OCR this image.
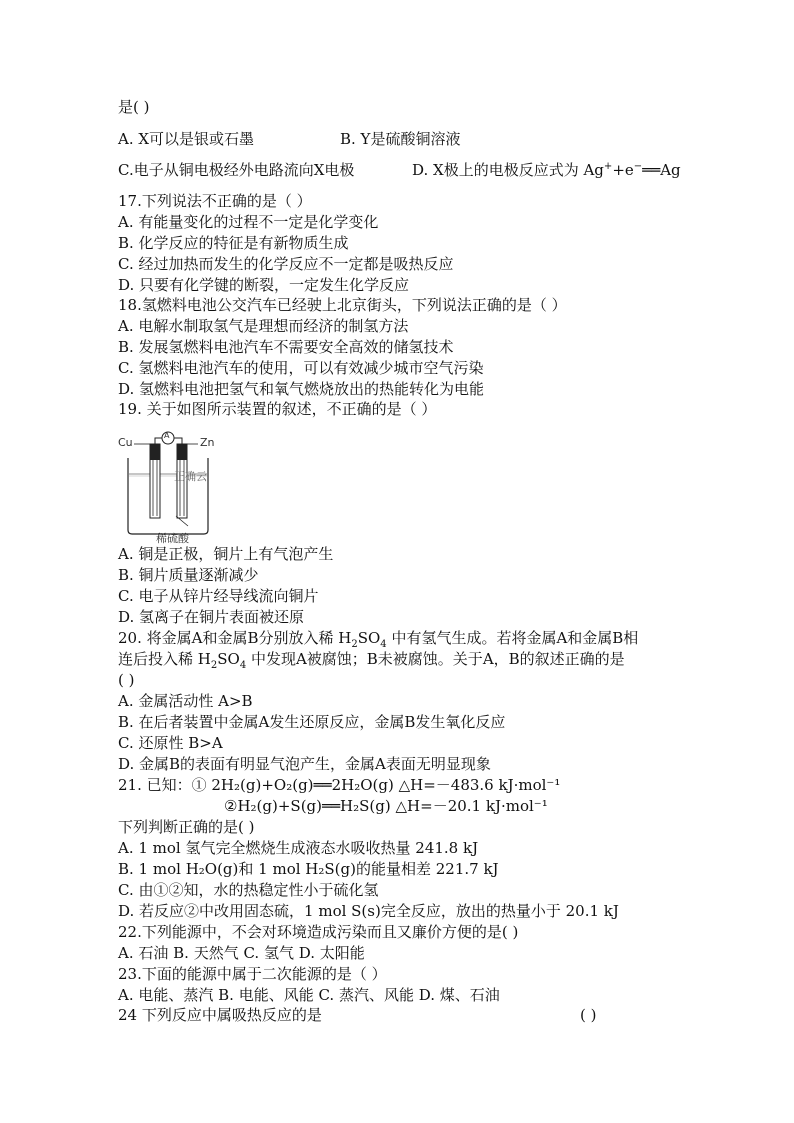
是( )
A. X可以是银或石墨	B. Y是硫酸铜溶液
C.电子从铜电极经外电路流向X电极	D. X极上的电极反应式为 Ag++e−══Ag
17.下列说法不正确的是（ ）
A. 有能量变化的过程不一定是化学变化
B. 化学反应的特征是有新物质生成
C. 经过加热而发生的化学反应不一定都是吸热反应
D. 只要有化学键的断裂，一定发生化学反应
18.氢燃料电池公交汽车已经驶上北京街头，下列说法正确的是（ ）
A. 电解水制取氢气是理想而经济的制氢方法
B. 发展氢燃料电池汽车不需要安全高效的储氢技术
C. 氢燃料电池汽车的使用，可以有效减少城市空气污染
D. 氢燃料电池把氢气和氧气燃烧放出的热能转化为电能
19. 关于如图所示装置的叙述，不正确的是（ ）
Cu	Zn
A
正确云
稀硫酸
A. 铜是正极，铜片上有气泡产生
B. 铜片质量逐渐减少
C. 电子从锌片经导线流向铜片
D. 氢离子在铜片表面被还原
20. 将金属A和金属B分别放入稀 $H_2SO_4$ 中有氢气生成。若将金属A和金属B相
连后投入稀 $H_2SO_4$ 中发现A被腐蚀；B未被腐蚀。关于A，B的叙述正确的是
( )
A. 金属活动性 A>B
B. 在后者装置中金属A发生还原反应，金属B发生氧化反应
C. 还原性 B>A
D. 金属B的表面有明显气泡产生，金属A表面无明显现象
21. 已知：① 2H₂(g)+O₂(g)══2H₂O(g) △H=－483.6 kJ·mol⁻¹
②H₂(g)+S(g)══H₂S(g) △H=－20.1 kJ·mol⁻¹
下列判断正确的是( )
A. 1 mol 氢气完全燃烧生成液态水吸收热量 241.8 kJ
B. 1 mol H₂O(g)和 1 mol H₂S(g)的能量相差 221.7 kJ
C. 由①②知，水的热稳定性小于硫化氢
D. 若反应②中改用固态硫，1 mol S(s)完全反应，放出的热量小于 20.1 kJ
22.下列能源中，不会对环境造成污染而且又廉价方便的是( )
A. 石油 B. 天然气 C. 氢气 D. 太阳能
23.下面的能源中属于二次能源的是（ ）
A. 电能、蒸汽 B. 电能、风能 C. 蒸汽、风能 D. 煤、石油
24 下列反应中属吸热反应的是	( )
